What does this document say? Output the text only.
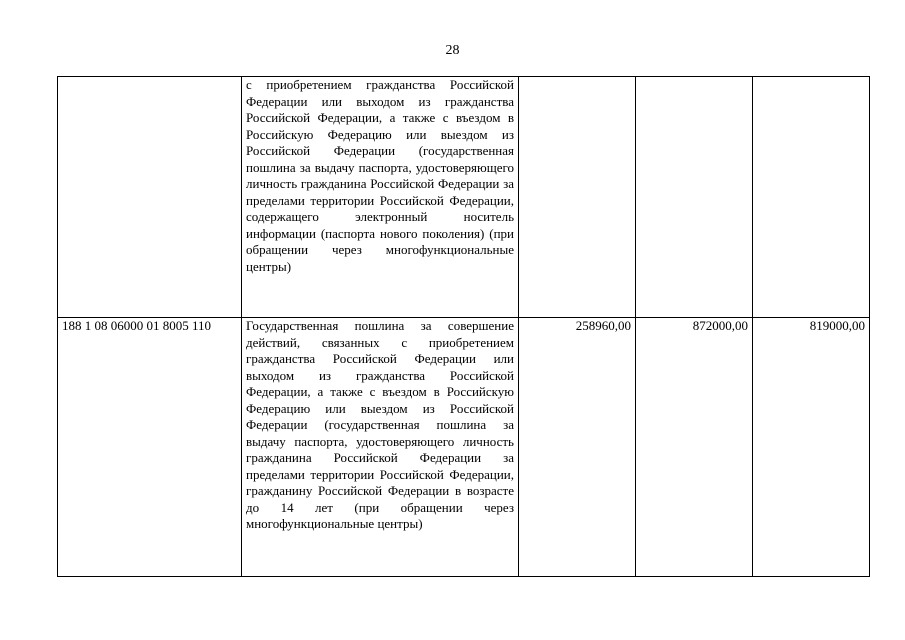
28
	с приобретением гражданства Российской Федерации или выходом из гражданства Российской Федерации, а также с въездом в Российскую Федерацию или выездом из Российской Федерации (государственная пошлина за выдачу паспорта, удостоверяющего личность гражданина Российской Федерации за пределами территории Российской Федерации, содержащего электронный носитель информации (паспорта нового поколения) (при обращении через многофункциональные центры)			
188 1 08 06000 01 8005 110	Государственная пошлина за совершение действий, связанных с приобретением гражданства Российской Федерации или выходом из гражданства Российской Федерации, а также с въездом в Российскую Федерацию или выездом из Российской Федерации (государственная пошлина за выдачу паспорта, удостоверяющего личность гражданина Российской Федерации за пределами территории Российской Федерации, гражданину Российской Федерации в возрасте до 14 лет (при обращении через многофункциональные центры)	258960,00	872000,00	819000,00
